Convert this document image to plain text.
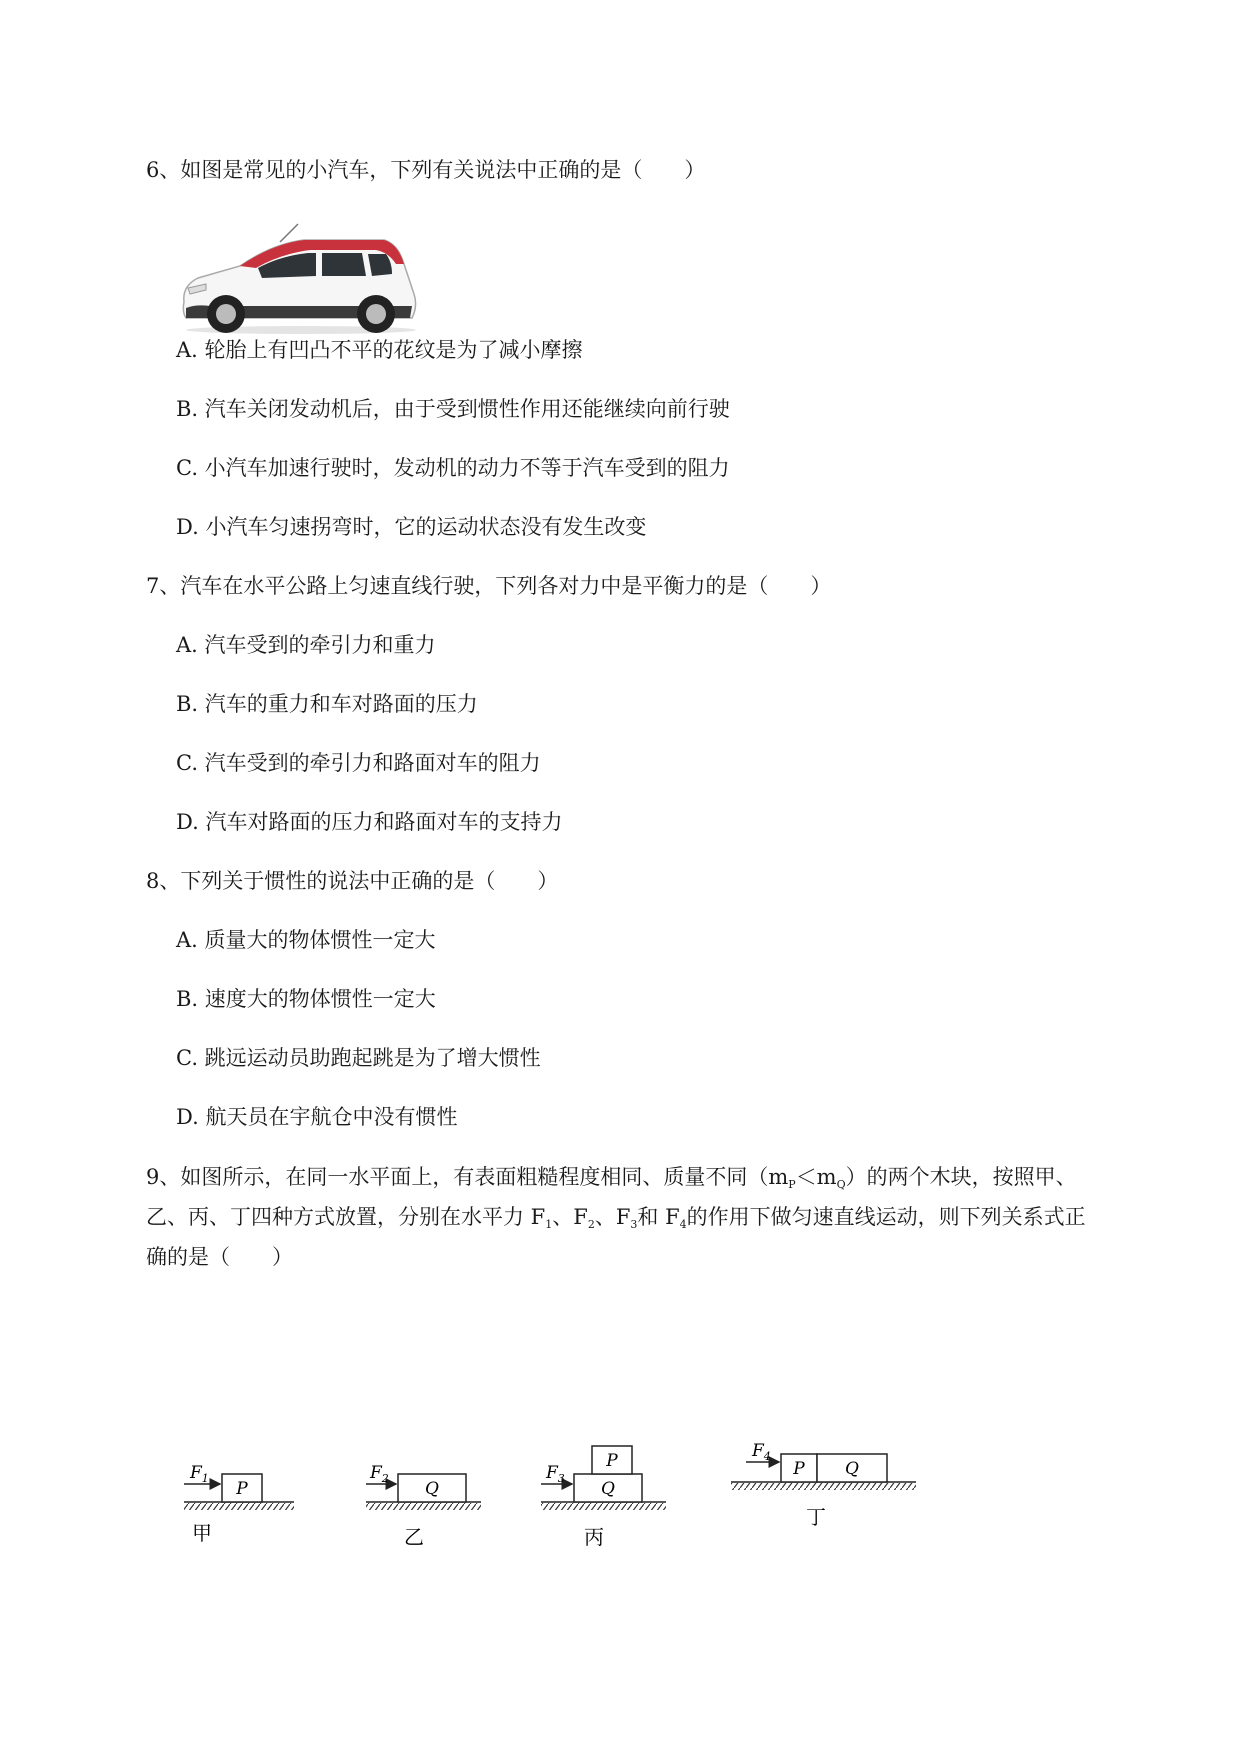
6、如图是常见的小汽车，下列有关说法中正确的是（　　）
A. 轮胎上有凹凸不平的花纹是为了减小摩擦
B. 汽车关闭发动机后，由于受到惯性作用还能继续向前行驶
C. 小汽车加速行驶时，发动机的动力不等于汽车受到的阻力
D. 小汽车匀速拐弯时，它的运动状态没有发生改变
7、汽车在水平公路上匀速直线行驶，下列各对力中是平衡力的是（　　）
A. 汽车受到的牵引力和重力
B. 汽车的重力和车对路面的压力
C. 汽车受到的牵引力和路面对车的阻力
D. 汽车对路面的压力和路面对车的支持力
8、下列关于惯性的说法中正确的是（　　）
A. 质量大的物体惯性一定大
B. 速度大的物体惯性一定大
C. 跳远运动员助跑起跳是为了增大惯性
D. 航天员在宇航仓中没有惯性
9、如图所示，在同一水平面上，有表面粗糙程度相同、质量不同$(m_P<m_Q)$的两个木块，按照甲、
乙、丙、丁四种方式放置，分别在水平力 $F_1$、$F_2$、$F_3$和 $F_4$的作用下做匀速直线运动，则下列关系式正
确的是（　　）
P
$F_1$
甲
Q
$F_2$
乙
Q
P
$F_3$
丙
P Q
$F_4$
丁
